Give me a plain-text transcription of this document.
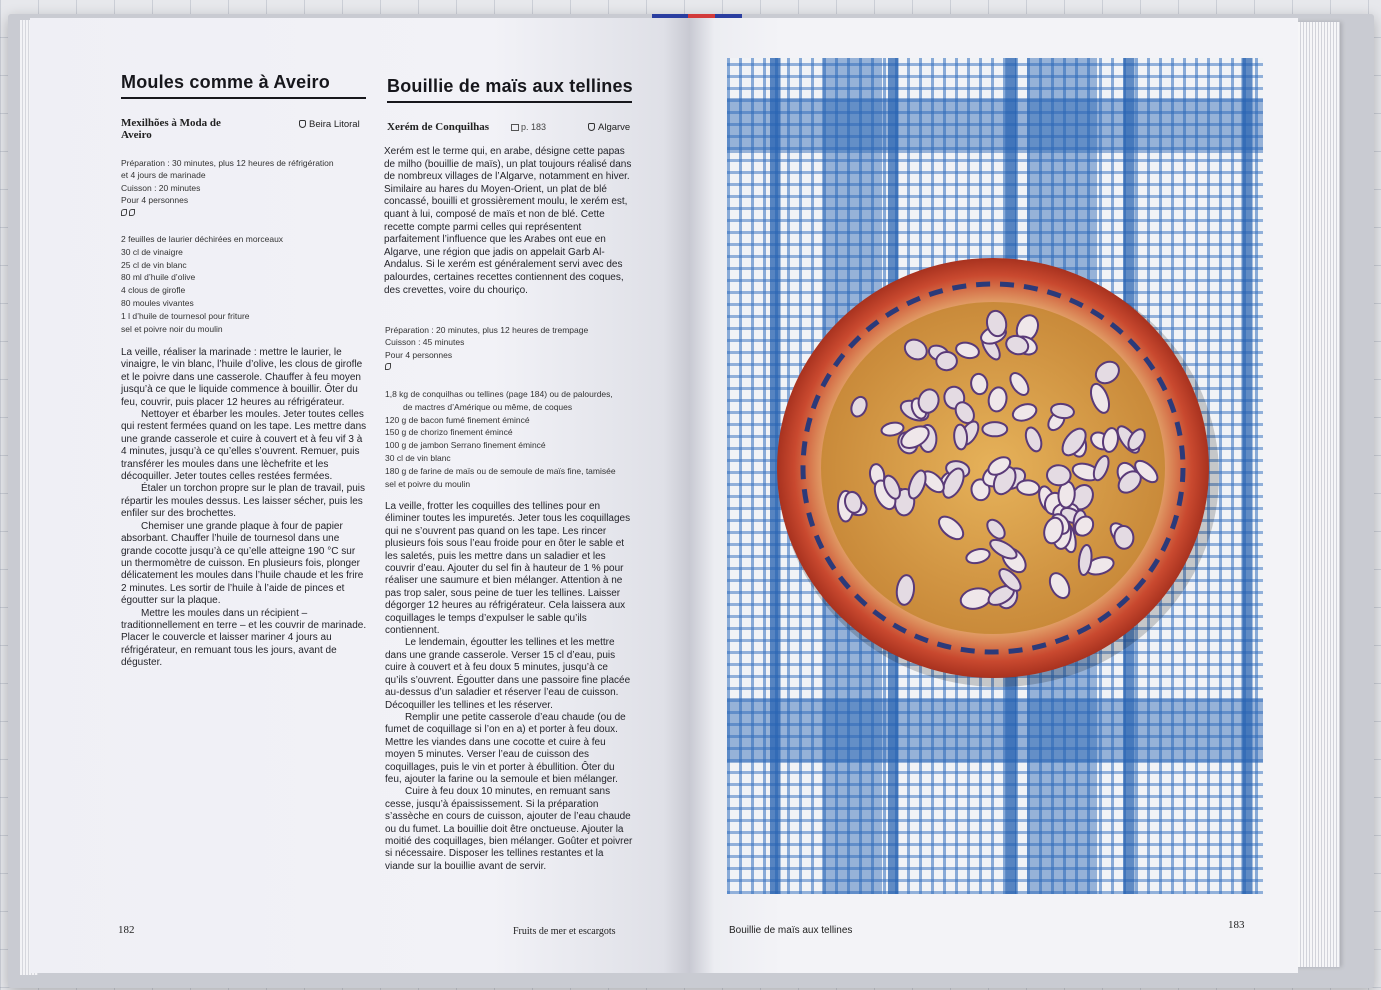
Moules comme à Aveiro
Mexilhões à Moda de Aveiro
Beira Litoral
Préparation : 30 minutes, plus 12 heures de réfrigération
et 4 jours de marinade
Cuisson : 20 minutes
Pour 4 personnes
2 feuilles de laurier déchirées en morceaux
30 cl de vinaigre
25 cl de vin blanc
80 ml d’huile d’olive
4 clous de girofle
80 moules vivantes
1 l d’huile de tournesol pour friture
sel et poivre noir du moulin

La veille, réaliser la marinade : mettre le laurier, le vinaigre, le vin blanc, l’huile d’olive, les clous de girofle et le poivre dans une casserole. Chauffer à feu moyen jusqu’à ce que le liquide commence à bouillir. Ôter du feu, couvrir, puis placer 12 heures au réfrigérateur.

Nettoyer et ébarber les moules. Jeter toutes celles qui restent fermées quand on les tape. Les mettre dans une grande casserole et cuire à couvert et à feu vif 3 à 4 minutes, jusqu’à ce qu’elles s’ouvrent. Remuer, puis transférer les moules dans une lèchefrite et les décoquiller. Jeter toutes celles restées fermées.

Étaler un torchon propre sur le plan de travail, puis répartir les moules dessus. Les laisser sécher, puis les enfiler sur des brochettes.

Chemiser une grande plaque à four de papier absorbant. Chauffer l’huile de tournesol dans une grande cocotte jusqu’à ce qu’elle atteigne 190 °C sur un thermomètre de cuisson. En plusieurs fois, plonger délicatement les moules dans l’huile chaude et les frire 2 minutes. Les sortir de l’huile à l’aide de pinces et égoutter sur la plaque.

Mettre les moules dans un récipient – traditionnellement en terre – et les couvrir de marinade. Placer le couvercle et laisser mariner 4 jours au réfrigérateur, en remuant tous les jours, avant de déguster.

182
Bouillie de maïs aux tellines
Xerém de Conquilhas	p. 183	Algarve
Xerém est le terme qui, en arabe, désigne cette papas de milho (bouillie de maïs), un plat toujours réalisé dans de nombreux villages de l’Algarve, notamment en hiver. Similaire au hares du Moyen-Orient, un plat de blé concassé, bouilli et grossièrement moulu, le xerém est, quant à lui, composé de maïs et non de blé. Cette recette compte parmi celles qui représentent parfaitement l’influence que les Arabes ont eue en Algarve, une région que jadis on appelait Garb Al-Andalus. Si le xerém est généralement servi avec des palourdes, certaines recettes contiennent des coques, des crevettes, voire du chouriço.
Préparation : 20 minutes, plus 12 heures de trempage
Cuisson : 45 minutes
Pour 4 personnes
1,8 kg de conquilhas ou tellines (page 184) ou de palourdes,
de mactres d’Amérique ou même, de coques
120 g de bacon fumé finement émincé
150 g de chorizo finement émincé
100 g de jambon Serrano finement émincé
30 cl de vin blanc
180 g de farine de maïs ou de semoule de maïs fine, tamisée
sel et poivre du moulin

La veille, frotter les coquilles des tellines pour en éliminer toutes les impuretés. Jeter tous les coquillages qui ne s’ouvrent pas quand on les tape. Les rincer plusieurs fois sous l’eau froide pour en ôter le sable et les saletés, puis les mettre dans un saladier et les couvrir d’eau. Ajouter du sel fin à hauteur de 1 % pour réaliser une saumure et bien mélanger. Attention à ne pas trop saler, sous peine de tuer les tellines. Laisser dégorger 12 heures au réfrigérateur. Cela laissera aux coquillages le temps d’expulser le sable qu’ils contiennent.

Le lendemain, égoutter les tellines et les mettre dans une grande casserole. Verser 15 cl d’eau, puis cuire à couvert et à feu doux 5 minutes, jusqu’à ce qu’ils s’ouvrent. Égoutter dans une passoire fine placée au-dessus d’un saladier et réserver l’eau de cuisson. Décoquiller les tellines et les réserver.

Remplir une petite casserole d’eau chaude (ou de fumet de coquillage si l’on en a) et porter à feu doux. Mettre les viandes dans une cocotte et cuire à feu moyen 5 minutes. Verser l’eau de cuisson des coquillages, puis le vin et porter à ébullition. Ôter du feu, ajouter la farine ou la semoule et bien mélanger.

Cuire à feu doux 10 minutes, en remuant sans cesse, jusqu’à épaississement. Si la préparation s’assèche en cours de cuisson, ajouter de l’eau chaude ou du fumet. La bouillie doit être onctueuse. Ajouter la moitié des coquillages, bien mélanger. Goûter et poivrer si nécessaire. Disposer les tellines restantes et la viande sur la bouillie avant de servir.

Fruits de mer et escargots	Bouillie de maïs aux tellines	183
